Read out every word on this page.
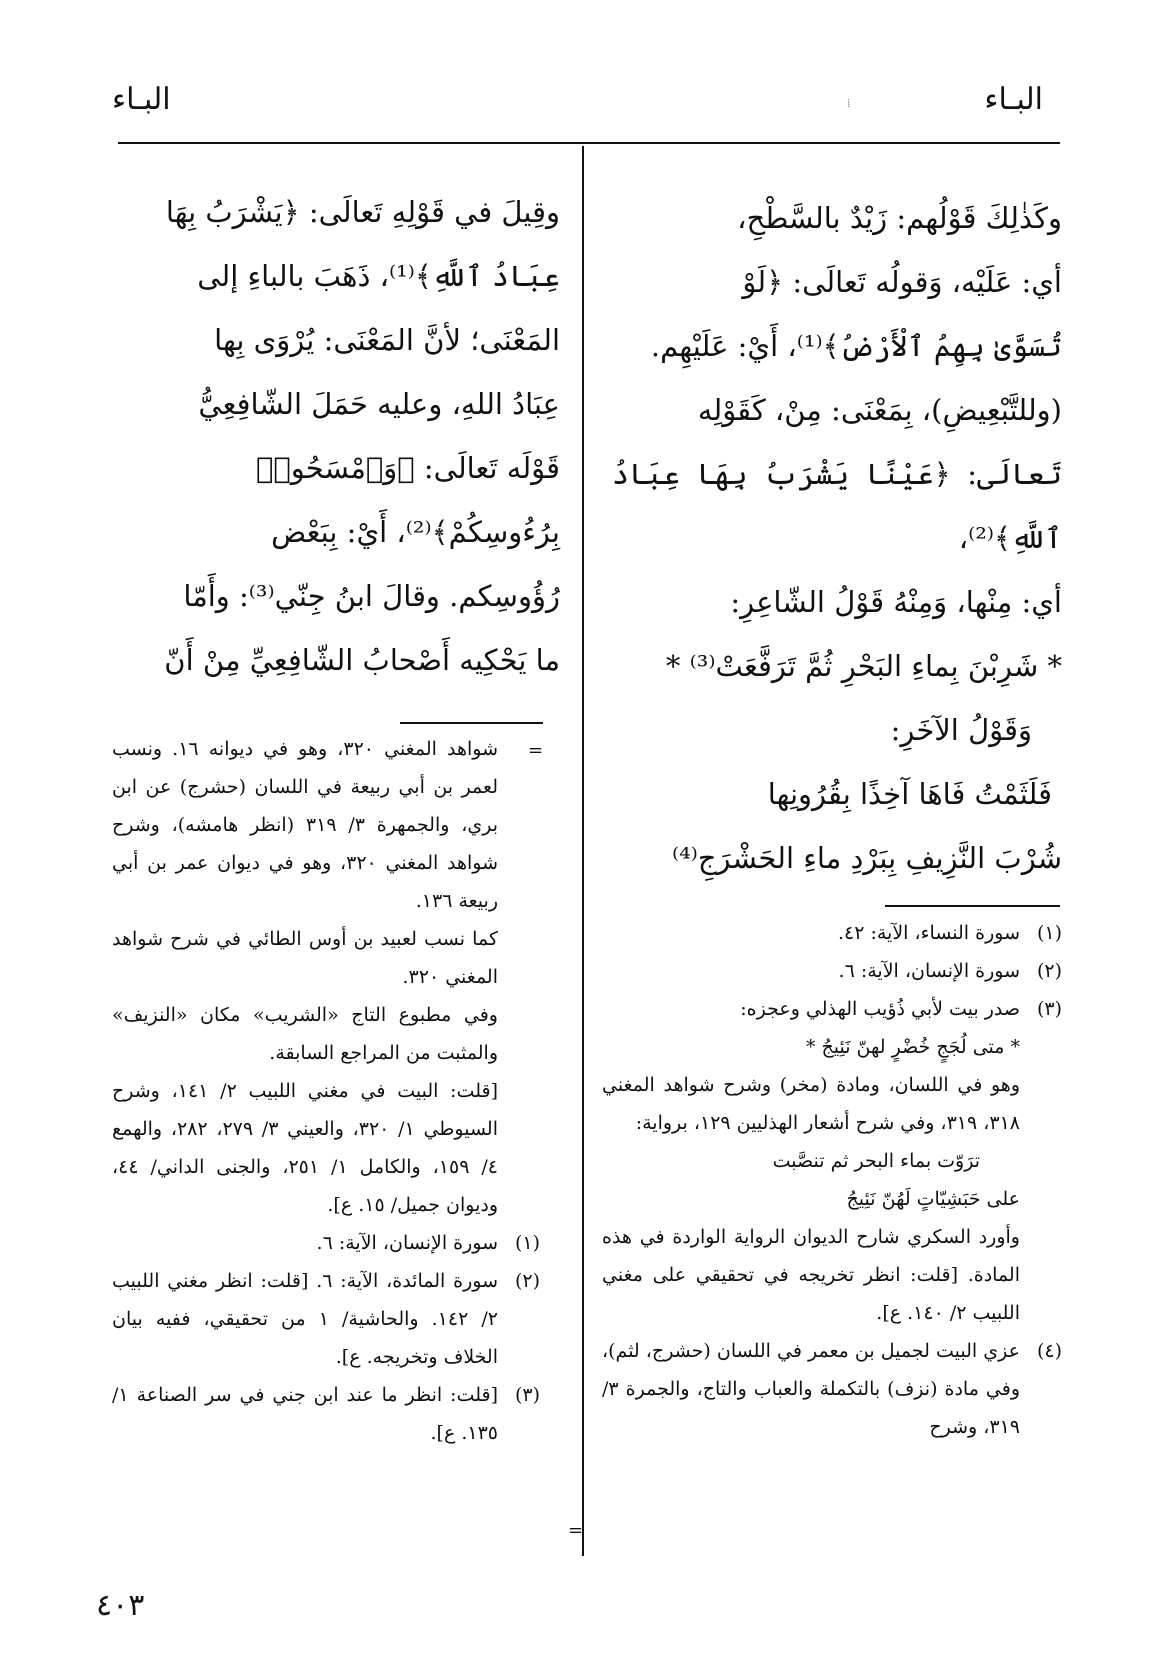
البـاء
البـاء	⁞

وكَذٰلِكَ قَوْلُهم: زَيْدٌ بالسَّطْحِ،

أي: عَلَيْه، وَقولُه تَعالَى: ﴿لَوْ

تُسَوَّىٰ بِهِمُ ٱلْأَرْضُ﴾⁽¹⁾، أَيْ: عَلَيْهِم.

(وللتَّبْعِيضِ)، بِمَعْنَى: مِنْ، كَقَوْلِه

تَعالَى: ﴿عَيْنًا يَشْرَبُ بِهَا عِبَادُ ٱللَّهِ﴾⁽²⁾،

أي: مِنْها، وَمِنْهُ قَوْلُ الشّاعِرِ:

* شَرِبْنَ بِماءِ البَحْرِ ثُمَّ تَرَفَّعَتْ⁽³⁾ *

وَقَوْلُ الآخَرِ:

فَلَثَمْتُ فَاهَا آخِذًا بِقُرُونِها

شُرْبَ النَّزِيفِ بِبَرْدِ ماءِ الحَشْرَجِ⁽⁴⁾

(١)
سورة النساء، الآية: ٤٢.
(٢)
سورة الإنسان، الآية: ٦.
(٣)

صدر بيت لأبي ذُؤيب الهذلي وعجزه:

* متى لُجَجٍ خُضْرٍ لهنّ نَئِيجُ *

وهو في اللسان، ومادة (مخر) وشرح شواهد المغني ٣١٨، ٣١٩، وفي شرح أشعار الهذليين ١٢٩، برواية:

ترَوّت بماء البحر ثم تنصَّبت

على حَبَشِيّاتٍ لَهُنّ نَئِيجُ

وأورد السكري شارح الديوان الرواية الواردة في هذه المادة. [قلت: انظر تخريجه في تحقيقي على مغني اللبيب ٢/ ١٤٠. ع].

(٤)
عزي البيت لجميل بن معمر في اللسان (حشرج، لثم)، وفي مادة (نزف) بالتكملة والعباب والتاج، والجمرة ٣/ ٣١٩، وشرح
=

وقِيلَ في قَوْلِهِ تَعالَى: ﴿يَشْرَبُ بِهَا

عِبَادُ ٱللَّهِ﴾⁽¹⁾، ذَهَبَ بالباءِ إلى

المَعْنَى؛ لأنَّ المَعْنَى: يُرْوَى بِها

عِبَادُ اللهِ، وعليه حَمَلَ الشّافِعِيُّ

قَوْلَه تَعالَى: ﴿وَٱمْسَحُوا۟

بِرُءُوسِكُمْ﴾⁽²⁾، أَيْ: بِبَعْض

رُؤُوسِكم. وقالَ ابنُ جِنّي⁽³⁾: وأَمّا

ما يَحْكِيه أَصْحابُ الشّافِعِيِّ مِنْ أَنّ

=

شواهد المغني ٣٢٠، وهو في ديوانه ١٦. ونسب لعمر بن أبي ربيعة في اللسان (حشرج) عن ابن بري، والجمهرة ٣/ ٣١٩ (انظر هامشه)، وشرح شواهد المغني ٣٢٠، وهو في ديوان عمر بن أبي ربيعة ١٣٦.

كما نسب لعبيد بن أوس الطائي في شرح شواهد المغني ٣٢٠.

وفي مطبوع التاج «الشريب» مكان «النزيف» والمثبت من المراجع السابقة.

[قلت: البيت في مغني اللبيب ٢/ ١٤١، وشرح السيوطي ١/ ٣٢٠، والعيني ٣/ ٢٧٩، ٢٨٢، والهمع ٤/ ١٥٩، والكامل ١/ ٢٥١، والجنى الداني/ ٤٤، وديوان جميل/ ١٥. ع].

(١)
سورة الإنسان، الآية: ٦.
(٢)
سورة المائدة، الآية: ٦. [قلت: انظر مغني اللبيب ٢/ ١٤٢. والحاشية/ ١ من تحقيقي، ففيه بيان الخلاف وتخريجه. ع].
(٣)
[قلت: انظر ما عند ابن جني في سر الصناعة ١/ ١٣٥. ع].
٤٠٣
